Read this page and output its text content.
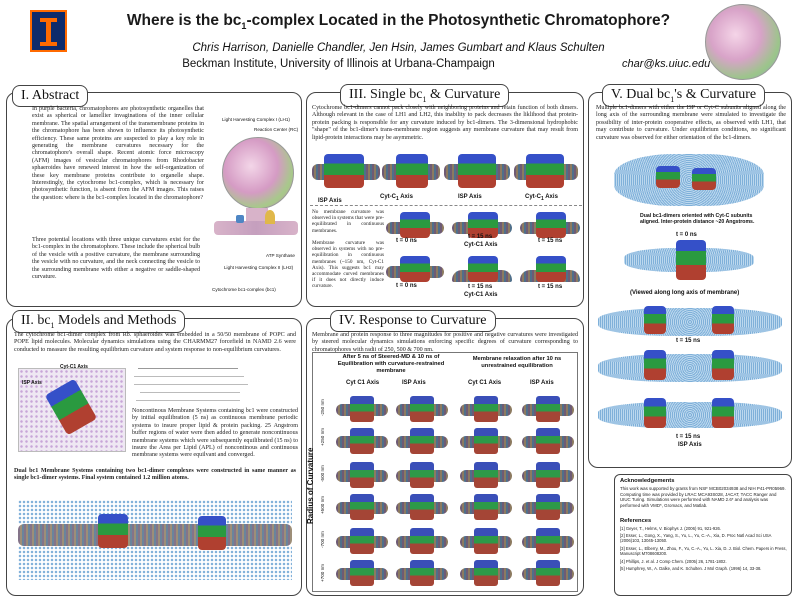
Where is the $bc_1$-complex Located in the Photosynthetic Chromatophore?
Chris Harrison, Danielle Chandler, Jen Hsin, James Gumbart and Klaus Schulten
Beckman Institute, University of Illinois at Urbana-Champaign	char@ks.uiuc.edu
I. Abstract
In purple bacteria, chromatophores are photosynthetic organelles that exist as spherical or lamellier invaginations of the inner cellular membrane. The spatial arrangement of the transmembrane proteins in the chromatophore has been shown to influence its photosynthetic efficiency. These same proteins are suspected to play a key role in generating the membrane curvatures necessary for the chromatophore's overall shape. Recent atomic force microscopy (AFM) images of vesicular chromatophores from Rhodobacter sphaeroides have renewed interest in how the self-organization of these key membrane proteins contribute to organelle shape. Interestingly, the cytochrome bc1-complex, which is necessary for photosynthetic function, is absent from the AFM images. This raises the question: where is the bc1-complex located in the chromatophore?
Three potential locations with three unique curvatures exist for the bc1-complex in the chromatophore. These include the spherical bulb of the vesicle with a positive curvature, the membrane surrounding the vesicle with no curvature, and the neck connecting the vesicle to the surrounding membrane with either a negative or saddle-shaped curvature.
Light Harvesting Complex I (LH1)
Reaction Center (RC)
Light Harvesting Complex II (LH2)
ATP Synthase
Cytochrome bc1-complex (bc1)
III. Single $bc_1$ & Curvature
Cytochrome bc1-dimers cannot pack closely with neighboring proteins and retain function of both dimers. Although relevant in the case of LH1 and LH2, this inability to pack decreases the liklihood that protein-protein packing is responsible for any curvature induced by bc1-dimers. The 3-dimensional hydrophobic "shape" of the bc1-dimer's trans-membrane region suggests any membrane curvature that may result from lipid-protein interactions may be asymmetric.
ISP Axis
Cyt-$C_1$ Axis	ISP Axis	Cyt-$C_1$ Axis
No membrane curvature was observed in systems that were pre-equilibrated in continuous membranes.
Membrane curvature was observed in systems with no pre-equilibration in continuous membranes (~150 nm, Cyt-C1 Axis). This suggests bc1 may accommodate curved membranes if it does not directly induce curvature.
t = 0 ns
t = 15 ns
Cyt-C1 Axis
t = 15 ns
t = 0 ns	t = 15 ns
Cyt-C1 Axis
t = 15 ns
V. Dual $bc_1's$ & Curvature
Multiple bc1-dimers with either the ISP or Cyt-C subunits aligned along the long axis of the surrounding membrane were simulated to investigate the possibility of inter-protein cooperative effects, as observed with LH1, that may contribute to curvature. Under equilibrium conditions, no significant curvature was observed for either orientation of the bc1-dimers.
Dual bc1-dimers oriented with Cyt-C subunits aligned. Inter-protein distance ~20 Angstroms.
t = 0 ns
(Viewed along long axis of membrane)
t = 15 ns
t = 15 ns
ISP Axis
II. $bc_1$ Models and Methods
The cytochrome bc1-dimer complex from Rb. sphaeroides was embedded in a 50/50 membrane of POPC and POPE lipid molecules. Molecular dynamics simulations using the CHARMM27 forcefield in NAMD 2.6 were conducted to measure the resulting equilibrium curvature and system response to non-equilibrium curvatures.
Cyt-C1 Axis
ISP Axis
Noncontinous Membrane Systems containing bc1 were constructed by initial equilibration (5 ns) as continuous membrane periodic systems to insure proper lipid & protein packing. 25 Angstrom buffer regions of water were then added to generate noncontinuous membrane systems which were subsequently equilibrated (15 ns) to insure the Area per Lipid (APL) of noncontinous and continuous membrane systems were equilvant and converged.
Dual bc1 Membrane Systems containing two bc1-dimer complexes were constructed in same manner as single bc1-dimer systems. Final system contained 1.2 million atoms.
IV. Response to Curvature
Membrane and protein response to three magnitudes for positive and negative curvatures were investigated by steered molecular dynamics simulations enforcing specific degrees of curvature corresponding to chromatophores with radii of 250, 500 & 700 nm.
After 5 ns of Steered-MD & 10 ns of Equilibration with curvature-restrained membrane
Membrane relaxation after 10 ns unrestrained equilibration
Cyt C1 Axis	ISP Axis	Cyt C1 Axis	ISP Axis
Radius of Curvature
-250 nm
+250 nm
-500 nm
+500 nm
-700 nm
+700 nm
Acknowledgements
This work was supported by grants from NSF MCB02034938 and NIH P41-PR05969. Computing time was provided by LRAC MCA93S028, JACAT, TACC Ranger and UIUC Turing. Simulations were performed with NAMD 2.6* and analysis was performed with VMD*, Gromacs, and Matlab.
References
[1] Geyer, T., Helms, V. Biophys J. (2006) 91, 921-926.
[2] Esser, L., Gong, X., Yang, S., Yu, L., Yu, C.-A., Xia, D. Proc Natl Acad Sci USA (2006)103, 13045-13050.
[3] Esser, L., Elberry, M., Zhou, F., Yu, C.-A., Yu, L. Xia, D. J. Biol. Chem. Papers in Press, Manuscript M708608200.
[4] Phillips, J. et al. J Comp Chem. (2005) 26, 1781-1802.
[5] Humphrey, W., A. Dalke, and K. Schulten. J Mol Graph. (1996) 14, 33-38.
